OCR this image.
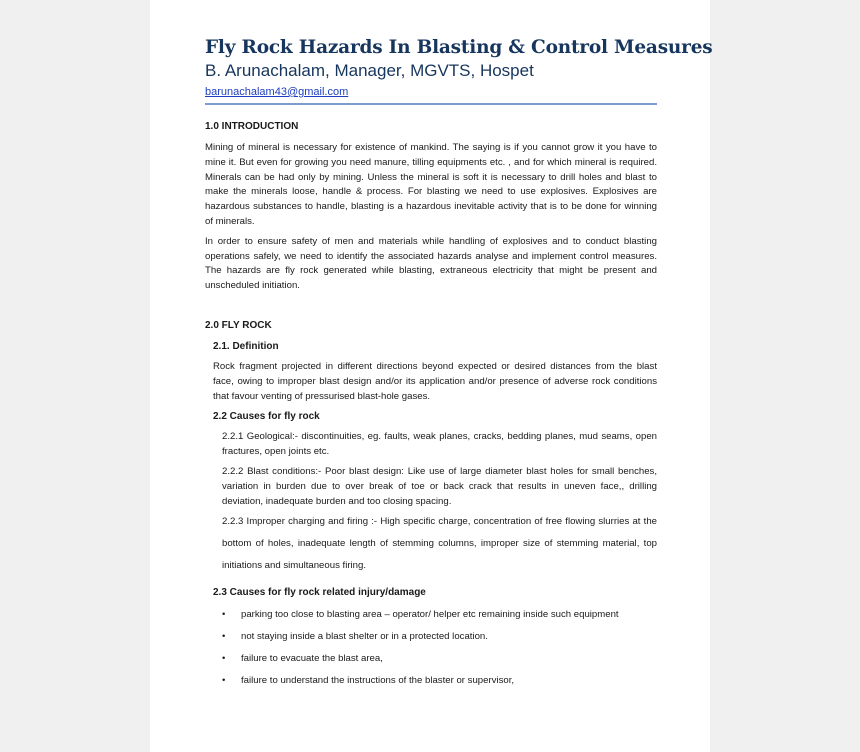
Fly Rock Hazards In Blasting & Control Measures
B. Arunachalam, Manager, MGVTS, Hospet
barunachalam43@gmail.com
1.0 INTRODUCTION

Mining of mineral is necessary for existence of mankind. The saying is if you cannot grow it you have to mine it. But even for growing you need manure, tilling equipments etc. , and for which mineral is required. Minerals can be had only by mining. Unless the mineral is soft it is necessary to drill holes and blast to make the minerals loose, handle & process. For blasting we need to use explosives. Explosives are hazardous substances to handle, blasting is a hazardous inevitable activity that is to be done for winning of minerals.

In order to ensure safety of men and materials while handling of explosives and to conduct blasting operations safely, we need to identify the associated hazards analyse and implement control measures. The hazards are fly rock generated while blasting, extraneous electricity that might be present and unscheduled initiation.

2.0 FLY ROCK
2.1. Definition

Rock fragment projected in different directions beyond expected or desired distances from the blast face, owing to improper blast design and/or its application and/or presence of adverse rock conditions that favour venting of pressurised blast-hole gases.

2.2 Causes for fly rock

2.2.1 Geological:- discontinuities, eg. faults, weak planes, cracks, bedding planes, mud seams, open fractures, open joints etc.

2.2.2 Blast conditions:- Poor blast design: Like use of large diameter blast holes for small benches, variation in burden due to over break of toe or back crack that results in uneven face,, drilling deviation, inadequate burden and too closing spacing.

2.2.3 Improper charging and firing :- High specific charge, concentration of free flowing slurries at the bottom of holes, inadequate length of stemming columns, improper size of stemming material, top initiations and simultaneous firing.

2.3 Causes for fly rock related injury/damage
• parking too close to blasting area – operator/ helper etc remaining inside such equipment
• not staying inside a blast shelter or in a protected location.
• failure to evacuate the blast area,
• failure to understand the instructions of the blaster or supervisor,
